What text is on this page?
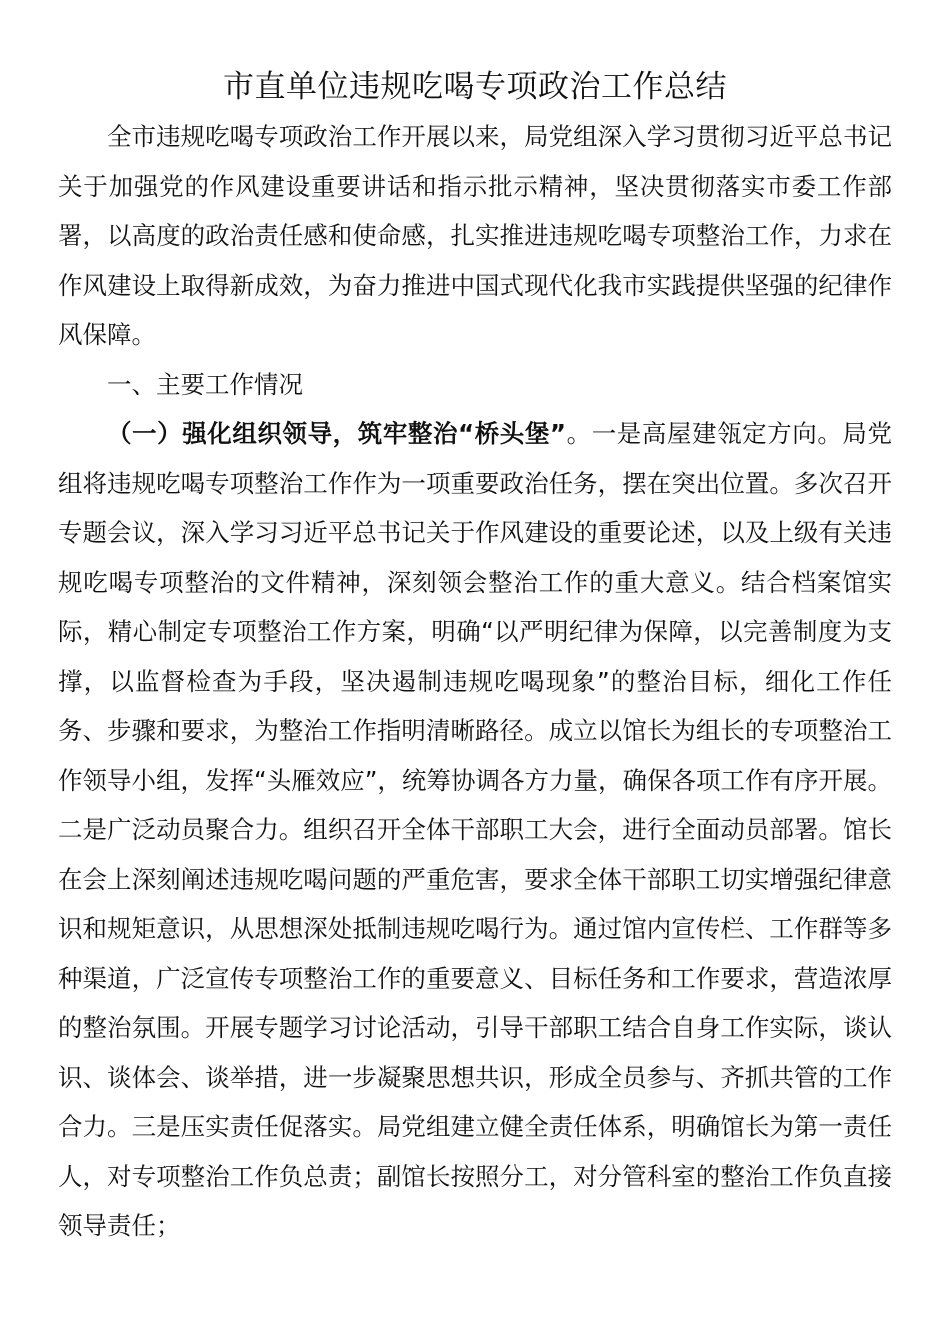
市直单位违规吃喝专项政治工作总结

全市违规吃喝专项政治工作开展以来，局党组深入学习贯彻习近平总书记关于加强党的作风建设重要讲话和指示批示精神，坚决贯彻落实市委工作部署，以高度的政治责任感和使命感，扎实推进违规吃喝专项整治工作，力求在作风建设上取得新成效，为奋力推进中国式现代化我市实践提供坚强的纪律作风保障。

一、主要工作情况

（一）强化组织领导，筑牢整治“桥头堡”。一是高屋建瓴定方向。局党组将违规吃喝专项整治工作作为一项重要政治任务，摆在突出位置。多次召开专题会议，深入学习习近平总书记关于作风建设的重要论述，以及上级有关违规吃喝专项整治的文件精神，深刻领会整治工作的重大意义。结合档案馆实际，精心制定专项整治工作方案，明确“以严明纪律为保障，以完善制度为支撑，以监督检查为手段，坚决遏制违规吃喝现象”的整治目标，细化工作任务、步骤和要求，为整治工作指明清晰路径。成立以馆长为组长的专项整治工作领导小组，发挥“头雁效应”，统筹协调各方力量，确保各项工作有序开展。二是广泛动员聚合力。组织召开全体干部职工大会，进行全面动员部署。馆长在会上深刻阐述违规吃喝问题的严重危害，要求全体干部职工切实增强纪律意识和规矩意识，从思想深处抵制违规吃喝行为。通过馆内宣传栏、工作群等多种渠道，广泛宣传专项整治工作的重要意义、目标任务和工作要求，营造浓厚的整治氛围。开展专题学习讨论活动，引导干部职工结合自身工作实际，谈认识、谈体会、谈举措，进一步凝聚思想共识，形成全员参与、齐抓共管的工作合力。三是压实责任促落实。局党组建立健全责任体系，明确馆长为第一责任人，对专项整治工作负总责；副馆长按照分工，对分管科室的整治工作负直接领导责任；
